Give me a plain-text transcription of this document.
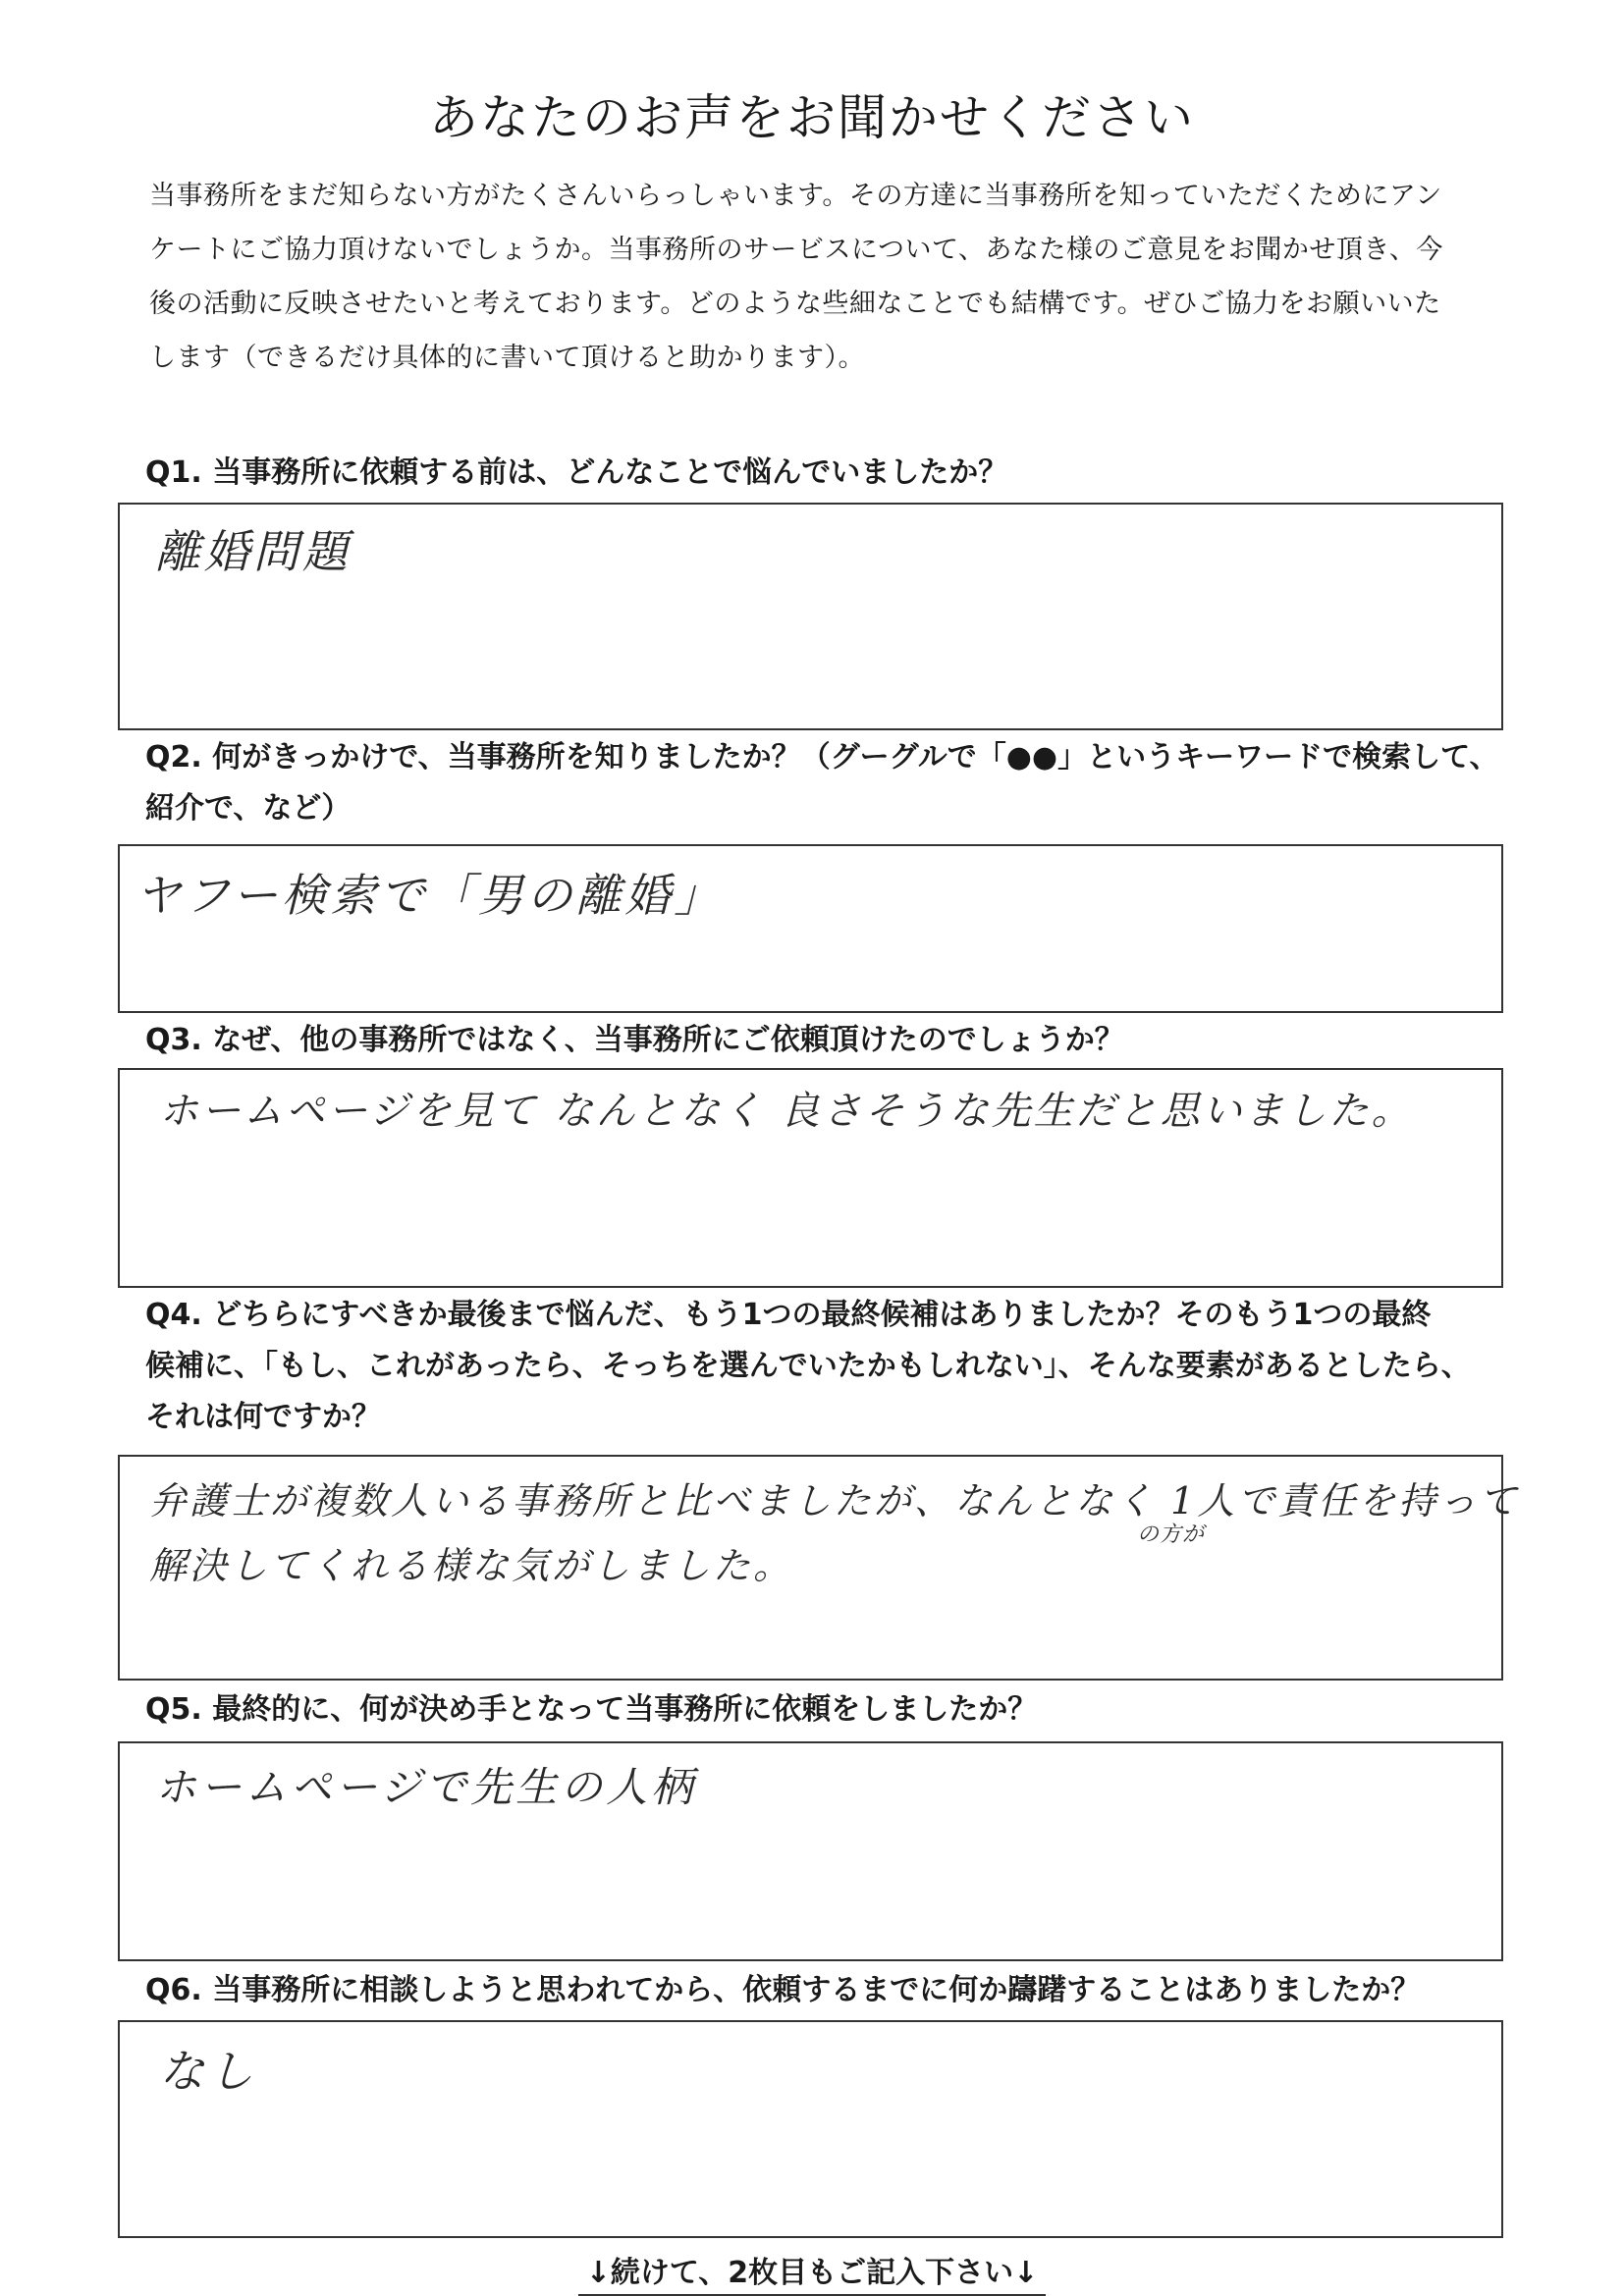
あなたのお声をお聞かせください
当事務所をまだ知らない方がたくさんいらっしゃいます。その方達に当事務所を知っていただくためにアン
ケートにご協力頂けないでしょうか。当事務所のサービスについて、あなた様のご意見をお聞かせ頂き、今
後の活動に反映させたいと考えております。どのような些細なことでも結構です。ぜひご協力をお願いいた
します（できるだけ具体的に書いて頂けると助かります）。
Q1. 当事務所に依頼する前は、どんなことで悩んでいましたか？
離婚問題
Q2. 何がきっかけで、当事務所を知りましたか？（グーグルで「●●」というキーワードで検索して、
紹介で、など）
ヤフー検索で「男の離婚」
Q3. なぜ、他の事務所ではなく、当事務所にご依頼頂けたのでしょうか？
ホームページを見て なんとなく 良さそうな先生だと思いました。
Q4. どちらにすべきか最後まで悩んだ、もう1つの最終候補はありましたか？そのもう1つの最終
候補に、「もし、これがあったら、そっちを選んでいたかもしれない」、そんな要素があるとしたら、
それは何ですか？
弁護士が複数人いる事務所と比べましたが、なんとなく 1人で責任を持って
の方が
解決してくれる様な気がしました。
Q5. 最終的に、何が決め手となって当事務所に依頼をしましたか？
ホームページで先生の人柄
Q6. 当事務所に相談しようと思われてから、依頼するまでに何か躊躇することはありましたか？
なし
↓続けて、2枚目もご記入下さい↓
